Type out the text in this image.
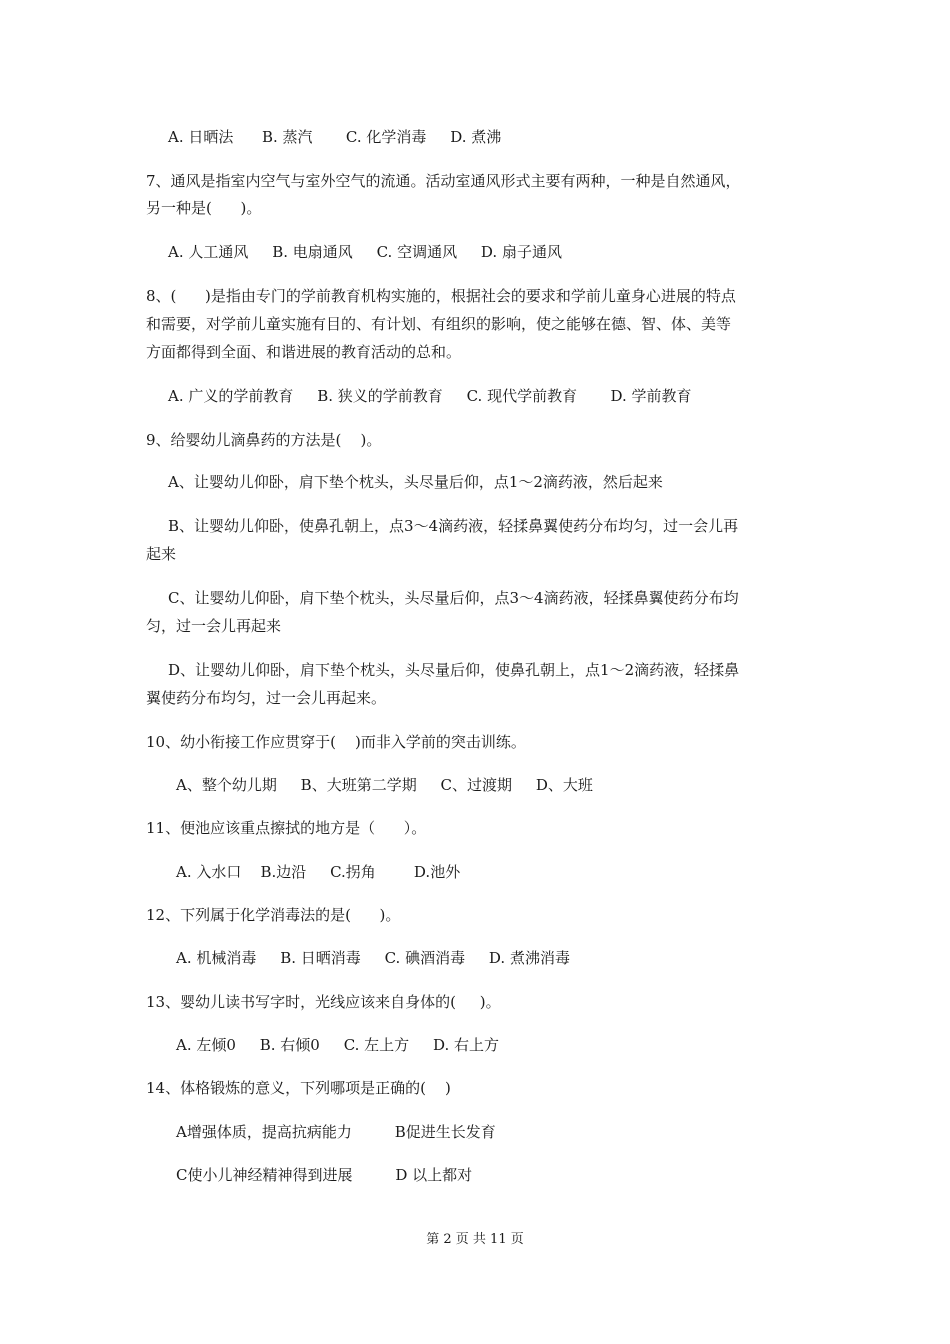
A. 日晒法      B. 蒸汽       C. 化学消毒     D. 煮沸
7、通风是指室内空气与室外空气的流通。活动室通风形式主要有两种，一种是自然通风，
另一种是(      )。
A. 人工通风     B. 电扇通风     C. 空调通风     D. 扇子通风
8、(      )是指由专门的学前教育机构实施的，根据社会的要求和学前儿童身心进展的特点
和需要，对学前儿童实施有目的、有计划、有组织的影响，使之能够在德、智、体、美等
方面都得到全面、和谐进展的教育活动的总和。
A. 广义的学前教育     B. 狭义的学前教育     C. 现代学前教育       D. 学前教育
9、给婴幼儿滴鼻药的方法是(    )。
A、让婴幼儿仰卧，肩下垫个枕头，头尽量后仰，点1～2滴药液，然后起来
B、让婴幼儿仰卧，使鼻孔朝上，点3～4滴药液，轻揉鼻翼使药分布均匀，过一会儿再
起来
C、让婴幼儿仰卧，肩下垫个枕头，头尽量后仰，点3～4滴药液，轻揉鼻翼使药分布均
匀，过一会儿再起来
D、让婴幼儿仰卧，肩下垫个枕头，头尽量后仰，使鼻孔朝上，点1～2滴药液，轻揉鼻
翼使药分布均匀，过一会儿再起来。
10、幼小衔接工作应贯穿于(    )而非入学前的突击训练。
A、整个幼儿期     B、大班第二学期     C、过渡期     D、大班
11、便池应该重点擦拭的地方是（      ）。
A. 入水口    B.边沿     C.拐角        D.池外
12、下列属于化学消毒法的是(      )。
A. 机械消毒     B. 日晒消毒     C. 碘酒消毒     D. 煮沸消毒
13、婴幼儿读书写字时，光线应该来自身体的(     )。
A. 左倾0     B. 右倾0     C. 左上方     D. 右上方
14、体格锻炼的意义，下列哪项是正确的(    )
A增强体质，提高抗病能力         B促进生长发育
C使小儿神经精神得到进展         D 以上都对
第 2 页 共 11 页
